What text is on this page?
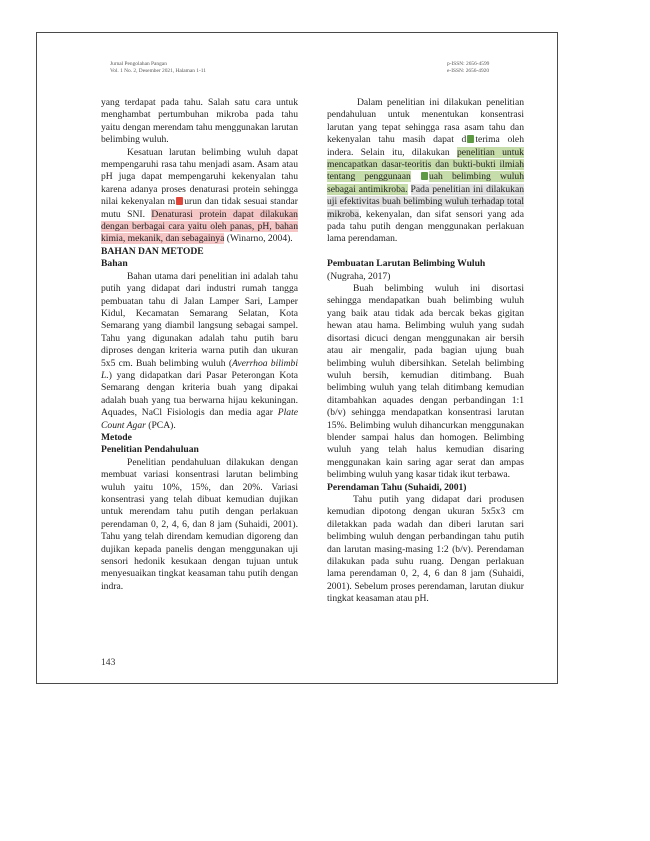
Jurnal Pengolahan Pangan
Vol. 1 No. 2, Desember 2021, Halaman 1-11
p-ISSN: 2656-4599
e-ISSN: 2656-4920

yang terdapat pada tahu. Salah satu cara untuk menghambat pertumbuhan mikroba pada tahu yaitu dengan merendam tahu menggunakan larutan belimbing wuluh.

Kesatuan larutan belimbing wuluh dapat mempengaruhi rasa tahu menjadi asam. Asam atau pH juga dapat mempengaruhi kekenyalan tahu karena adanya proses denaturasi protein sehingga nilai kekenyalan m urun dan tidak sesuai standar mutu SNI. Denaturasi protein dapat dilakukan dengan berbagai cara yaitu oleh panas, pH, bahan kimia, mekanik, dan sebagainya (Winarno, 2004).

BAHAN DAN METODE
Bahan

Bahan utama dari penelitian ini adalah tahu putih yang didapat dari industri rumah tangga pembuatan tahu di Jalan Lamper Sari, Lamper Kidul, Kecamatan Semarang Selatan, Kota Semarang yang diambil langsung sebagai sampel. Tahu yang digunakan adalah tahu putih baru diproses dengan kriteria warna putih dan ukuran 5x5 cm. Buah belimbing wuluh (Averrhoa bilimbi L.) yang didapatkan dari Pasar Peterongan Kota Semarang dengan kriteria buah yang dipakai adalah buah yang tua berwarna hijau kekuningan. Aquades, NaCl Fisiologis dan media agar Plate Count Agar (PCA).

Metode
Penelitian Pendahuluan

Penelitian pendahuluan dilakukan dengan membuat variasi konsentrasi larutan belimbing wuluh yaitu 10%, 15%, dan 20%. Variasi konsentrasi yang telah dibuat kemudian dujikan untuk merendam tahu putih dengan perlakuan perendaman 0, 2, 4, 6, dan 8 jam (Suhaidi, 2001). Tahu yang telah direndam kemudian digoreng dan dujikan kepada panelis dengan menggunakan uji sensori hedonik kesukaan dengan tujuan untuk menyesuaikan tingkat keasaman tahu putih dengan indra.

Dalam penelitian ini dilakukan penelitian pendahuluan untuk menentukan konsentrasi larutan yang tepat sehingga rasa asam tahu dan kekenyalan tahu masih dapat d terima oleh indera. Selain itu, dilakukan penelitian untuk mencapatkan dasar-teoritis dan bukti-bukti ilmiah tentang penggunaan uah belimbing wuluh sebagai antimikroba. Pada penelitian ini dilakukan uji efektivitas buah belimbing wuluh terhadap total mikroba, kekenyalan, dan sifat sensori yang ada pada tahu putih dengan menggunakan perlakuan lama perendaman.

Pembuatan Larutan Belimbing Wuluh

(Nugraha, 2017)

Buah belimbing wuluh ini disortasi sehingga mendapatkan buah belimbing wuluh yang baik atau tidak ada bercak bekas gigitan hewan atau hama. Belimbing wuluh yang sudah disortasi dicuci dengan menggunakan air bersih atau air mengalir, pada bagian ujung buah belimbing wuluh dibersihkan. Setelah belimbing wuluh bersih, kemudian ditimbang. Buah belimbing wuluh yang telah ditimbang kemudian ditambahkan aquades dengan perbandingan 1:1 (b/v) sehingga mendapatkan konsentrasi larutan 15%. Belimbing wuluh dihancurkan menggunakan blender sampai halus dan homogen. Belimbing wuluh yang telah halus kemudian disaring menggunakan kain saring agar serat dan ampas belimbing wuluh yang kasar tidak ikut terbawa.

Perendaman Tahu (Suhaidi, 2001)

Tahu putih yang didapat dari produsen kemudian dipotong dengan ukuran 5x5x3 cm diletakkan pada wadah dan diberi larutan sari belimbing wuluh dengan perbandingan tahu putih dan larutan masing-masing 1:2 (b/v). Perendaman dilakukan pada suhu ruang. Dengan perlakuan lama perendaman 0, 2, 4, 6 dan 8 jam (Suhaidi, 2001). Sebelum proses perendaman, larutan diukur tingkat keasaman atau pH.

143
